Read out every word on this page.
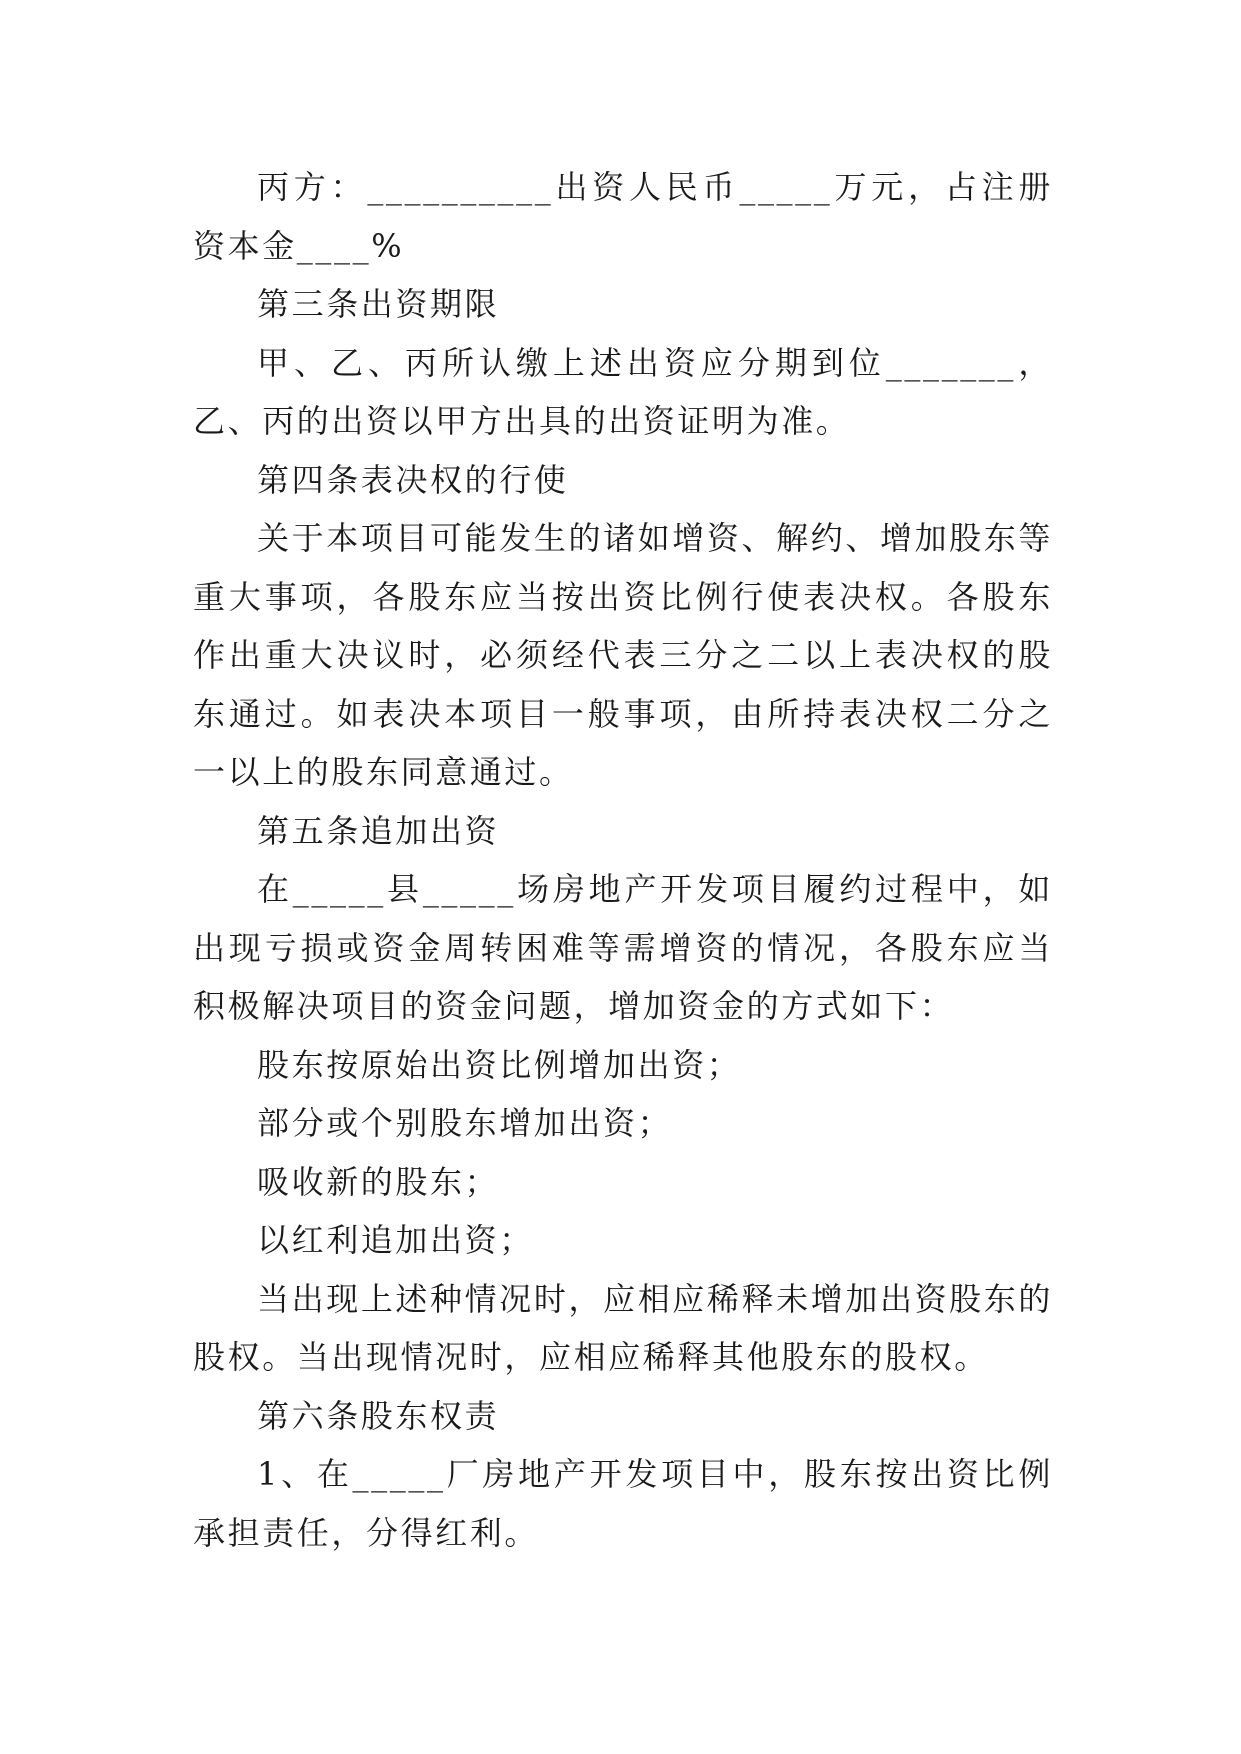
丙方：__________出资人民币_____万元，占注册资本金____%

第三条出资期限

甲、乙、丙所认缴上述出资应分期到位_______，乙、丙的出资以甲方出具的出资证明为准。

第四条表决权的行使

关于本项目可能发生的诸如增资、解约、增加股东等重大事项，各股东应当按出资比例行使表决权。各股东作出重大决议时，必须经代表三分之二以上表决权的股东通过。如表决本项目一般事项，由所持表决权二分之一以上的股东同意通过。

第五条追加出资

在_____县_____场房地产开发项目履约过程中，如出现亏损或资金周转困难等需增资的情况，各股东应当积极解决项目的资金问题，增加资金的方式如下：

股东按原始出资比例增加出资；

部分或个别股东增加出资；

吸收新的股东；

以红利追加出资；

当出现上述种情况时，应相应稀释未增加出资股东的股权。当出现情况时，应相应稀释其他股东的股权。

第六条股东权责

1、在_____厂房地产开发项目中，股东按出资比例承担责任，分得红利。
